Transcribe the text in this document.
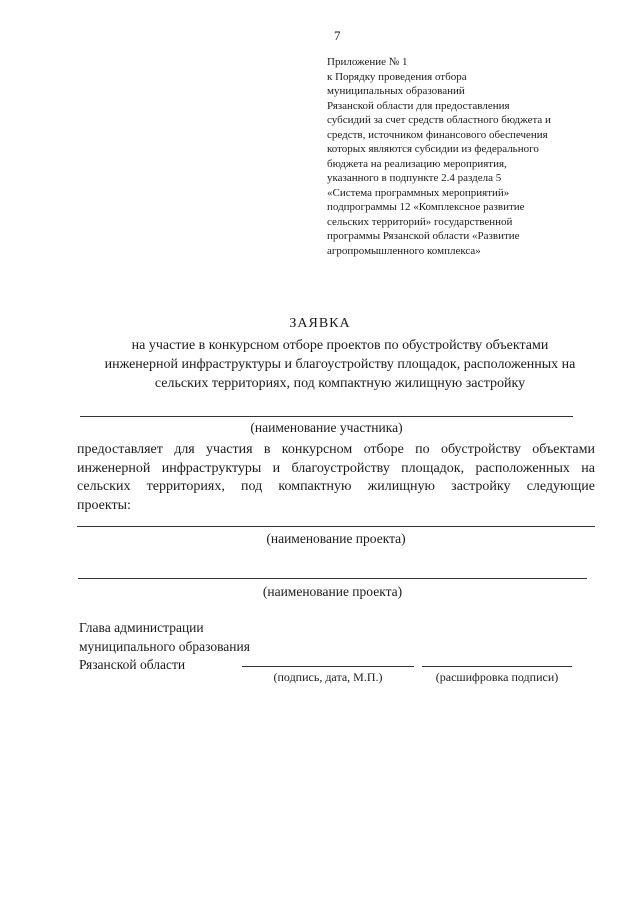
7
Приложение № 1
к Порядку проведения отбора
муниципальных образований
Рязанской области для предоставления
субсидий за счет средств областного бюджета и
средств, источником финансового обеспечения
которых являются субсидии из федерального
бюджета на реализацию мероприятия,
указанного в подпункте 2.4 раздела 5
«Система программных мероприятий»
подпрограммы 12 «Комплексное развитие
сельских территорий» государственной
программы Рязанской области «Развитие
агропромышленного комплекса»
ЗАЯВКА
на участие в конкурсном отборе проектов по обустройству объектами
инженерной инфраструктуры и благоустройству площадок, расположенных на
сельских территориях, под компактную жилищную застройку
(наименование участника)
предоставляет для участия в конкурсном отборе по обустройству объектами
инженерной инфраструктуры и благоустройству площадок, расположенных на
сельских территориях, под компактную жилищную застройку следующие
проекты:
(наименование проекта)
(наименование проекта)
Глава администрации
муниципального образования
Рязанской области
(подпись, дата, М.П.)	(расшифровка подписи)
